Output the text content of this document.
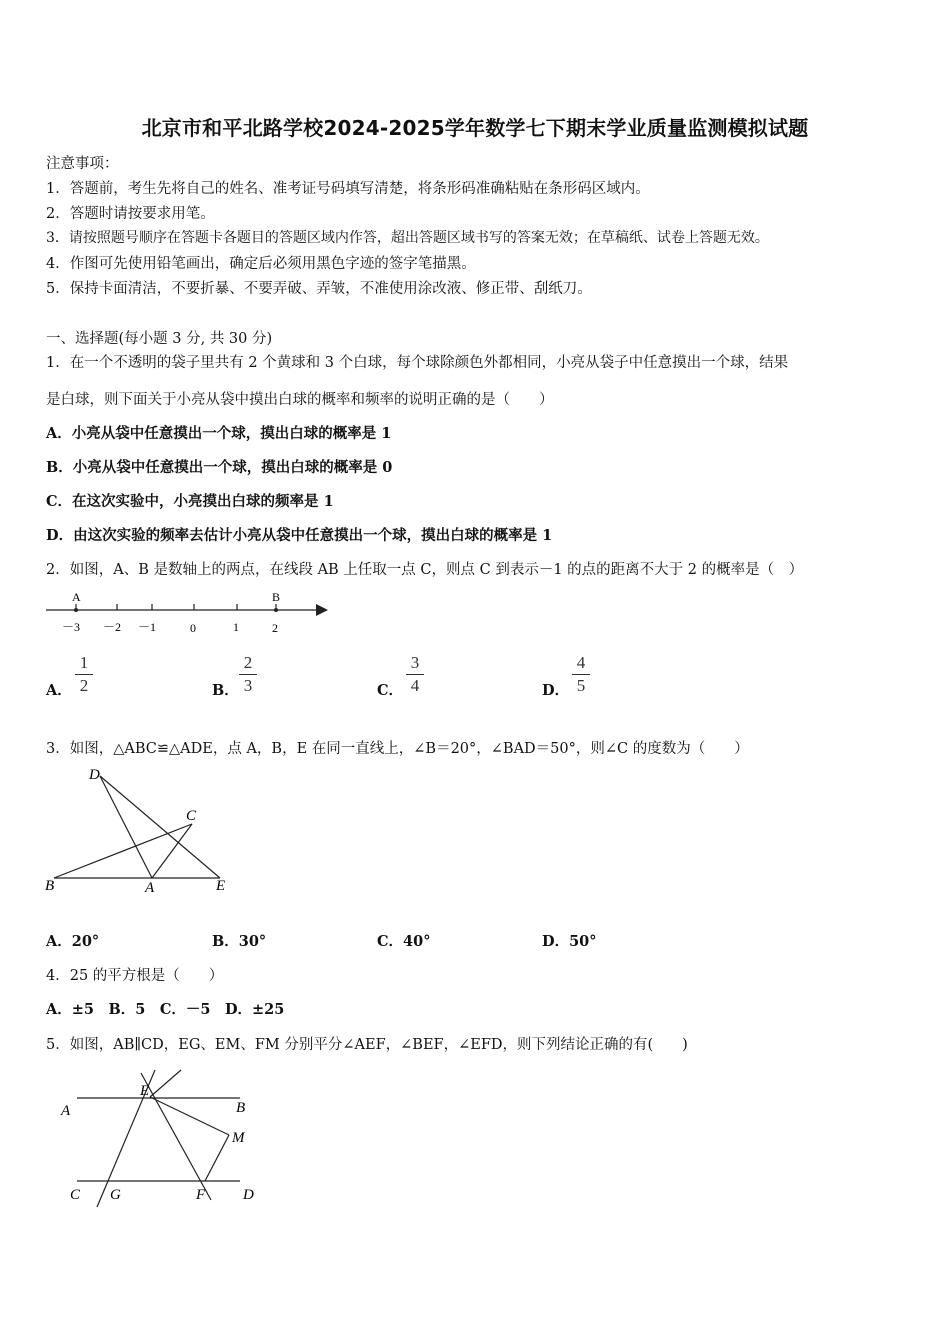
北京市和平北路学校2024-2025学年数学七下期末学业质量监测模拟试题
注意事项：
1．答题前，考生先将自己的姓名、准考证号码填写清楚，将条形码准确粘贴在条形码区域内。
2．答题时请按要求用笔。
3．请按照题号顺序在答题卡各题目的答题区域内作答，超出答题区域书写的答案无效；在草稿纸、试卷上答题无效。
4．作图可先使用铅笔画出，确定后必须用黑色字迹的签字笔描黑。
5．保持卡面清洁，不要折暴、不要弄破、弄皱，不准使用涂改液、修正带、刮纸刀。
一、选择题(每小题 3 分, 共 30 分)
1．在一个不透明的袋子里共有 2 个黄球和 3 个白球，每个球除颜色外都相同，小亮从袋子中任意摸出一个球，结果
是白球，则下面关于小亮从袋中摸出白球的概率和频率的说明正确的是（　　）
A．小亮从袋中任意摸出一个球，摸出白球的概率是 1
B．小亮从袋中任意摸出一个球，摸出白球的概率是 0
C．在这次实验中，小亮摸出白球的频率是 1
D．由这次实验的频率去估计小亮从袋中任意摸出一个球，摸出白球的概率是 1
2．如图，A、B 是数轴上的两点，在线段 AB 上任取一点 C，则点 C 到表示－1 的点的距离不大于 2 的概率是（　）
A	B
－3 －2 －1	0	1	2
A．
1
2	B．
2
3	C．
3
4	D．
4
5
3．如图，△ABC≌△ADE，点 A，B，E 在同一直线上，∠B＝20°，∠BAD＝50°，则∠C 的度数为（　　）
D
C
B	A	E
A．20°	B．30°	C．40°	D．50°
4．25 的平方根是（　　）
A．±5　B．5　C．－5　D．±25
5．如图，AB∥CD，EG、EM、FM 分别平分∠AEF，∠BEF，∠EFD，则下列结论正确的有(　　)
A	B
E
M
C G	F	D
